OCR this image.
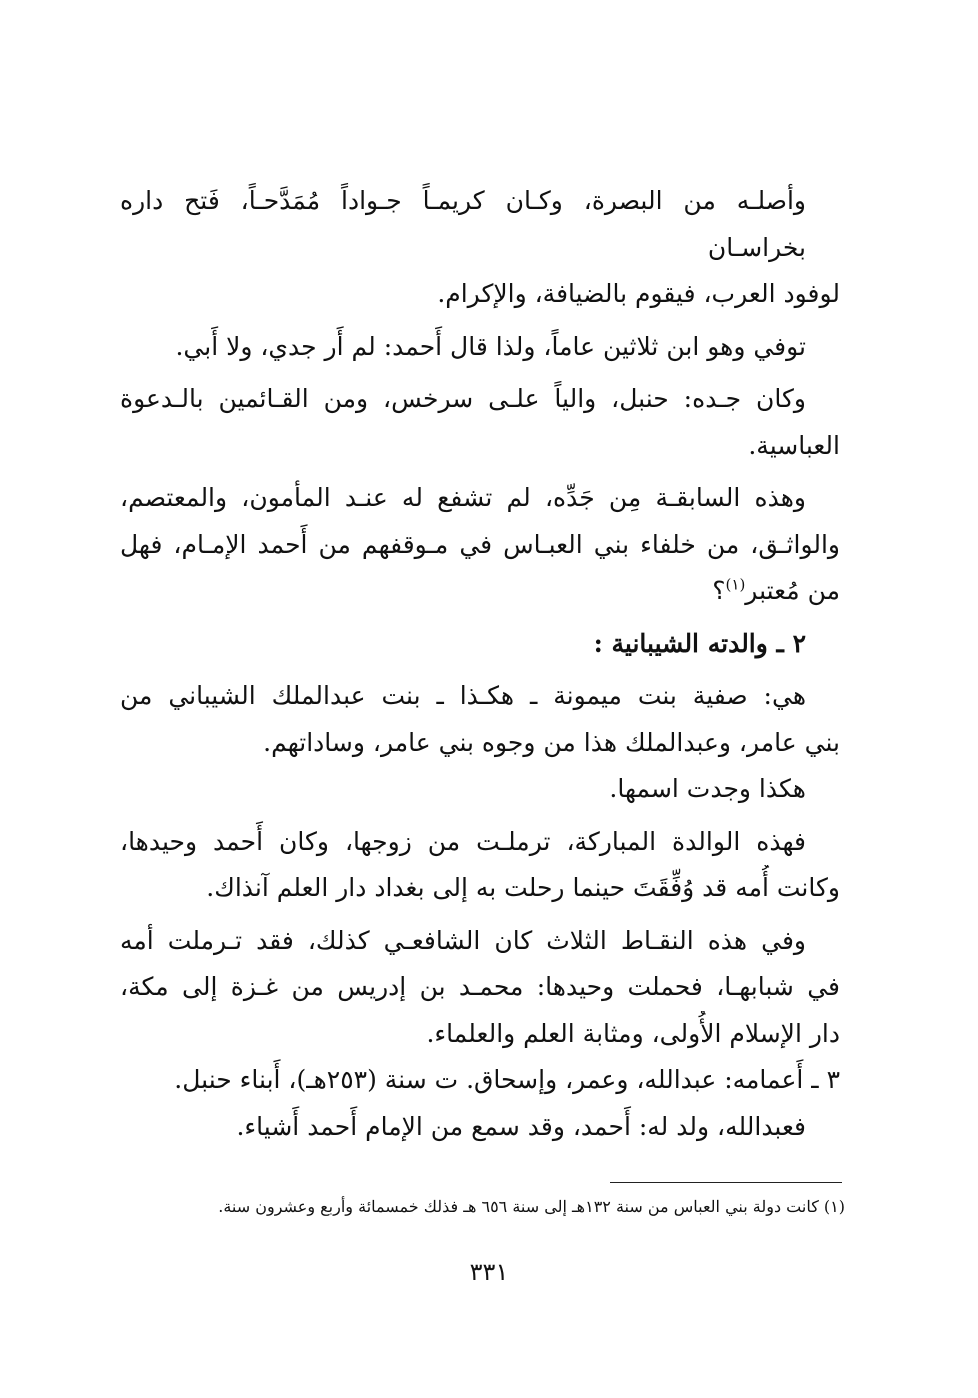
وأصلـه من البصرة، وكـان كريمـاً جـواداً مُمَدَّحـاً، فَتح داره بخراسـان
لوفود العرب، فيقوم بالضيافة، والإكرام.
توفي وهو ابن ثلاثين عاماً، ولذا قال أَحمد: لم أَر جدي، ولا أَبي.
وكان جـده: حنبل، والياً علـى سرخس، ومن القـائمين بالـدعوة
العباسية.
وهذه السابقـة مِن جَدِّه، لم تشفع له عنـد المأمون، والمعتصم،
والواثـق، من خلفاء بني العبـاس في مـوقفهم من أَحمد الإمـام، فهل
من مُعتبر$^{(١)}$؟
٢ ـ والدته الشيبانية :
هي: صفية بنت ميمونة ـ هكـذا ـ بنت عبدالملك الشيباني من
بني عامر، وعبدالملك هذا من وجوه بني عامر، وساداتهم.
هكذا وجدت اسمها.
فهذه الوالدة المباركة، ترملـت من زوجها، وكان أَحمد وحيدها،
وكانت أُمه قد وُفِّقَتَ حينما رحلت به إلى بغداد دار العلم آنذاك.
وفي هذه النقـاط الثلاث كان الشافعـي كذلك، فقد تـرملت أمه
في شبابهـا، فحملت وحيدها: محمـد بن إدريس من غـزة إلى مكة،
دار الإسلام الأُولى، ومثابة العلم والعلماء.
٣ ـ أَعمامه: عبدالله، وعمر، وإسحاق. ت سنة (٢٥٣هـ)، أَبناء حنبل.
فعبدالله، ولد له: أَحمد، وقد سمع من الإمام أَحمد أَشياء.
(١) كانت دولة بني العباس من سنة ١٣٢هـ إلى سنة ٦٥٦ هـ فذلك خمسمائة وأربع وعشرون سنة.
٣٣١
